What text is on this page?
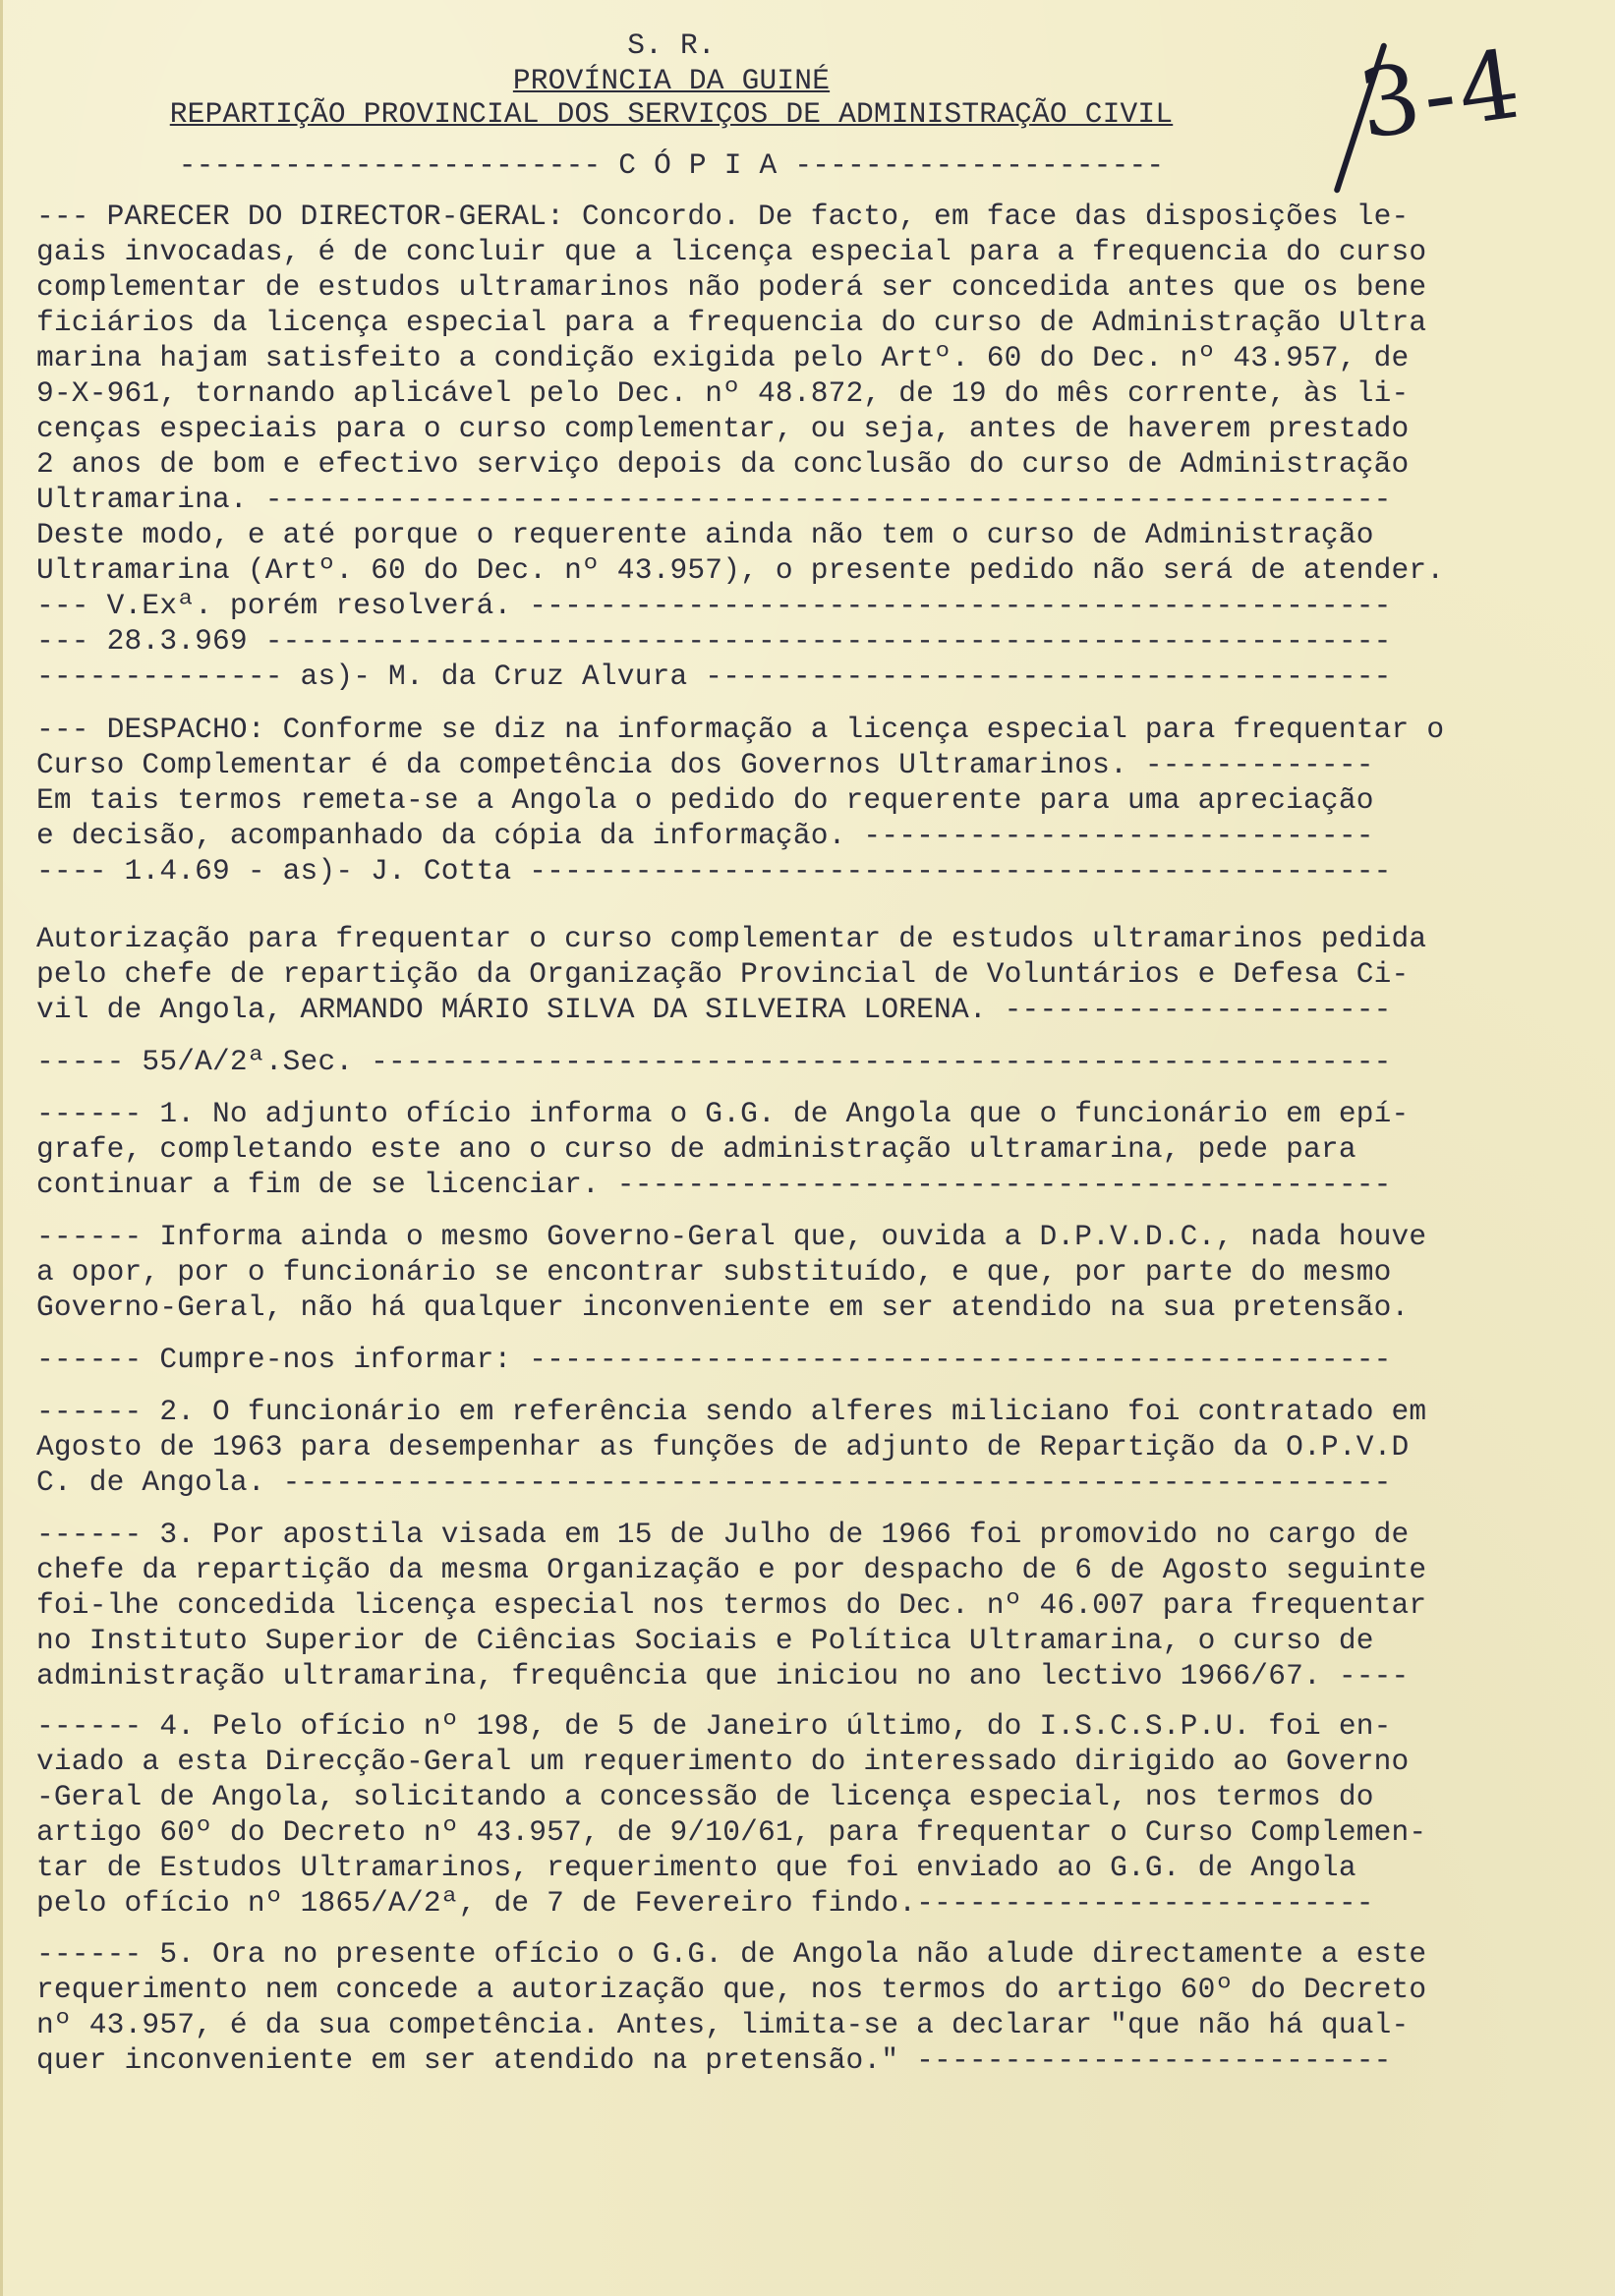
S. R.
PROVÍNCIA DA GUINÉ
REPARTIÇÃO PROVINCIAL DOS SERVIÇOS DE ADMINISTRAÇÃO CIVIL
------------------------ C Ó P I A ---------------------
3-4
--- PARECER DO DIRECTOR-GERAL: Concordo. De facto, em face das disposições le-
gais invocadas, é de concluir que a licença especial para a frequencia do curso
complementar de estudos ultramarinos não poderá ser concedida antes que os bene
ficiários da licença especial para a frequencia do curso de Administração Ultra
marina hajam satisfeito a condição exigida pelo Artº. 60 do Dec. nº 43.957, de
9-X-961, tornando aplicável pelo Dec. nº 48.872, de 19 do mês corrente, às li-
cenças especiais para o curso complementar, ou seja, antes de haverem prestado
2 anos de bom e efectivo serviço depois da conclusão do curso de Administração
Ultramarina. ----------------------------------------------------------------
Deste modo, e até porque o requerente ainda não tem o curso de Administração
Ultramarina (Artº. 60 do Dec. nº 43.957), o presente pedido não será de atender.
--- V.Exª. porém resolverá. -------------------------------------------------
--- 28.3.969 ----------------------------------------------------------------
-------------- as)- M. da Cruz Alvura ---------------------------------------
--- DESPACHO: Conforme se diz na informação a licença especial para frequentar o
Curso Complementar é da competência dos Governos Ultramarinos. -------------
Em tais termos remeta-se a Angola o pedido do requerente para uma apreciação
e decisão, acompanhado da cópia da informação. -----------------------------
---- 1.4.69 - as)- J. Cotta -------------------------------------------------
Autorização para frequentar o curso complementar de estudos ultramarinos pedida
pelo chefe de repartição da Organização Provincial de Voluntários e Defesa Ci-
vil de Angola, ARMANDO MÁRIO SILVA DA SILVEIRA LORENA. ----------------------
----- 55/A/2ª.Sec. ----------------------------------------------------------
------ 1. No adjunto ofício informa o G.G. de Angola que o funcionário em epí-
grafe, completando este ano o curso de administração ultramarina, pede para
continuar a fim de se licenciar. --------------------------------------------
------ Informa ainda o mesmo Governo-Geral que, ouvida a D.P.V.D.C., nada houve
a opor, por o funcionário se encontrar substituído, e que, por parte do mesmo
Governo-Geral, não há qualquer inconveniente em ser atendido na sua pretensão.
------ Cumpre-nos informar: -------------------------------------------------
------ 2. O funcionário em referência sendo alferes miliciano foi contratado em
Agosto de 1963 para desempenhar as funções de adjunto de Repartição da O.P.V.D
C. de Angola. ---------------------------------------------------------------
------ 3. Por apostila visada em 15 de Julho de 1966 foi promovido no cargo de
chefe da repartição da mesma Organização e por despacho de 6 de Agosto seguinte
foi-lhe concedida licença especial nos termos do Dec. nº 46.007 para frequentar
no Instituto Superior de Ciências Sociais e Política Ultramarina, o curso de
administração ultramarina, frequência que iniciou no ano lectivo 1966/67. ----
------ 4. Pelo ofício nº 198, de 5 de Janeiro último, do I.S.C.S.P.U. foi en-
viado a esta Direcção-Geral um requerimento do interessado dirigido ao Governo
-Geral de Angola, solicitando a concessão de licença especial, nos termos do
artigo 60º do Decreto nº 43.957, de 9/10/61, para frequentar o Curso Complemen-
tar de Estudos Ultramarinos, requerimento que foi enviado ao G.G. de Angola
pelo ofício nº 1865/A/2ª, de 7 de Fevereiro findo.--------------------------
------ 5. Ora no presente ofício o G.G. de Angola não alude directamente a este
requerimento nem concede a autorização que, nos termos do artigo 60º do Decreto
nº 43.957, é da sua competência. Antes, limita-se a declarar "que não há qual-
quer inconveniente em ser atendido na pretensão." ---------------------------
